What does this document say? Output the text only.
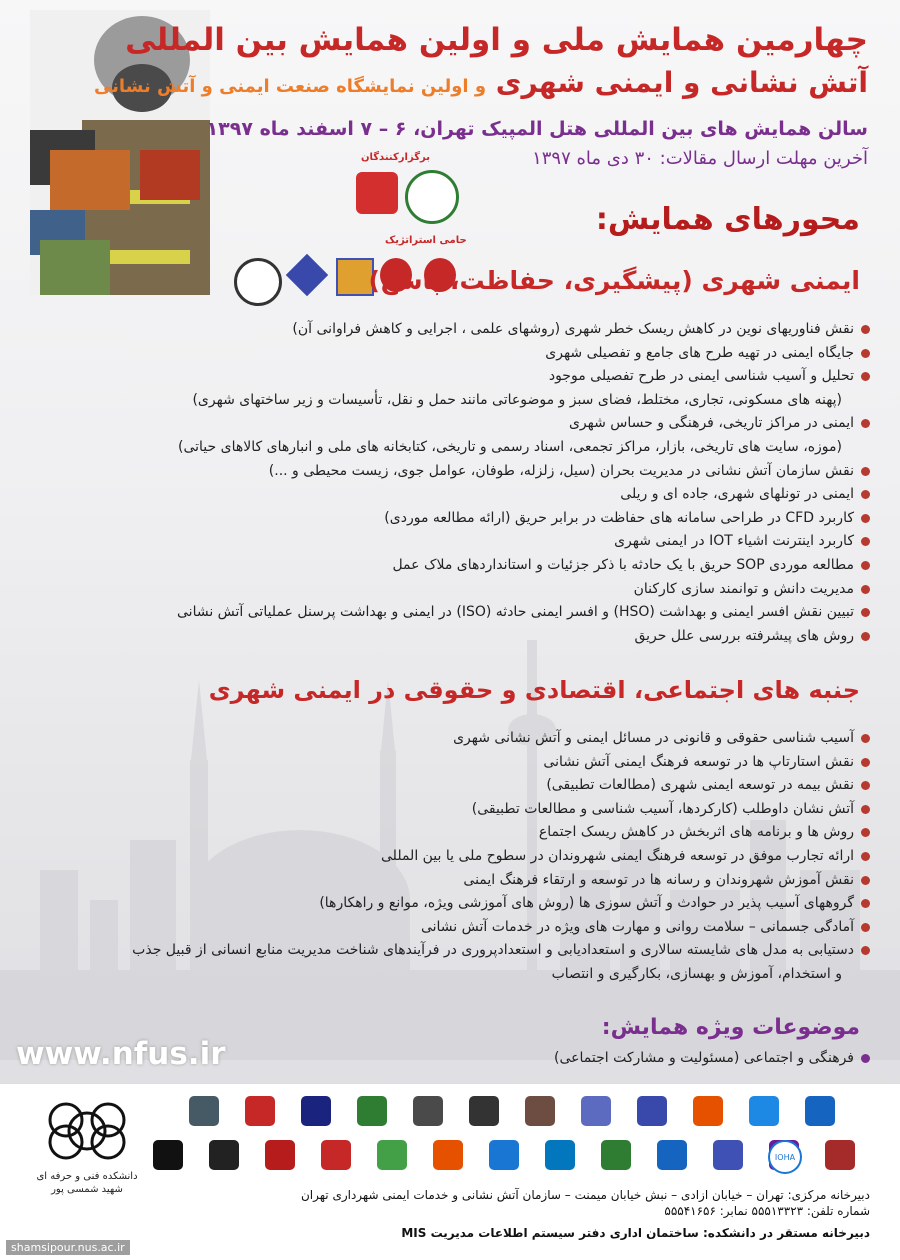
چهارمین همایش ملی و اولین همایش بین المللی
آتش نشانی و ایمنی شهری و اولین نمایشگاه صنعت ایمنی و آتش نشانی
سالن همایش های بین المللی هتل المپیک تهران، ۶ – ۷ اسفند ماه ۱۳۹۷
آخرین مهلت ارسال مقالات: ۳۰ دی ماه ۱۳۹۷
برگزارکنندگان
حامی استراتژیک
محورهای همایش:
ایمنی شهری (پیشگیری، حفاظت، پاسخ)
نقش فناوریهای نوین در کاهش ریسک خطر شهری (روشهای علمی ، اجرایی و کاهش فراوانی آن)
جایگاه ایمنی در تهیه طرح های جامع و تفصیلی شهری
تحلیل و آسیب شناسی ایمنی در طرح تفصیلی موجود
(پهنه های مسکونی، تجاری، مختلط، فضای سبز و موضوعاتی مانند حمل و نقل، تأسیسات و زیر ساختهای شهری)
ایمنی در مراکز تاریخی، فرهنگی و حساس شهری
(موزه، سایت های تاریخی، بازار، مراکز تجمعی، اسناد رسمی و تاریخی، کتابخانه های ملی و انبارهای کالاهای حیاتی)
نقش سازمان آتش نشانی در مدیریت بحران (سیل، زلزله، طوفان، عوامل جوی، زیست محیطی و ...)
ایمنی در تونلهای شهری، جاده ای و ریلی
کاربرد CFD در طراحی سامانه های حفاظت در برابر حریق (ارائه مطالعه موردی)
کاربرد اینترنت اشیاء IOT در ایمنی شهری
مطالعه موردی SOP حریق با یک حادثه با ذکر جزئیات و استانداردهای ملاک عمل
مدیریت دانش و توانمند سازی کارکنان
تبیین نقش افسر ایمنی و بهداشت (HSO) و افسر ایمنی حادثه (ISO) در ایمنی و بهداشت پرسنل عملیاتی آتش نشانی
روش های پیشرفته بررسی علل حریق
جنبه های اجتماعی، اقتصادی و حقوقی در ایمنی شهری
آسیب شناسی حقوقی و قانونی در مسائل ایمنی و آتش نشانی شهری
نقش استارتاپ ها در توسعه فرهنگ ایمنی آتش نشانی
نقش بیمه در توسعه ایمنی شهری (مطالعات تطبیقی)
آتش نشان داوطلب (کارکردها، آسیب شناسی و مطالعات تطبیقی)
روش ها و برنامه های اثربخش در کاهش ریسک اجتماع
ارائه تجارب موفق در توسعه فرهنگ ایمنی شهروندان در سطوح ملی یا بین المللی
نقش آموزش شهروندان و رسانه ها در توسعه و ارتقاء فرهنگ ایمنی
گروههای آسیب پذیر در حوادث و آتش سوزی ها (روش های آموزشی ویژه، موانع و راهکارها)
آمادگی جسمانی – سلامت روانی و مهارت های ویژه در خدمات آتش نشانی
دستیابی به مدل های شایسته سالاری و استعدادیابی و استعدادپروری در فرآیندهای شناخت مدیریت منابع انسانی از قبیل جذب
و استخدام، آموزش و بهسازی، بکارگیری و انتصاب
موضوعات ویژه همایش:
فرهنگی و اجتماعی (مسئولیت و مشارکت اجتماعی)
www.nfus.ir
دانشکده فنی و حرفه ای شهید شمسی پور
IOHA
دبیرخانه مرکزی: تهران – خیابان ازادی – نبش خیابان میمنت – سازمان آتش نشانی و خدمات ایمنی شهرداری تهران
شماره تلفن: ۵۵۵۱۳۳۲۳ نمابر: ۵۵۵۴۱۶۵۶
دبیرخانه مستقر در دانشکده: ساختمان اداری دفتر سیستم اطلاعات مدیریت MIS
shamsipour.nus.ac.ir
